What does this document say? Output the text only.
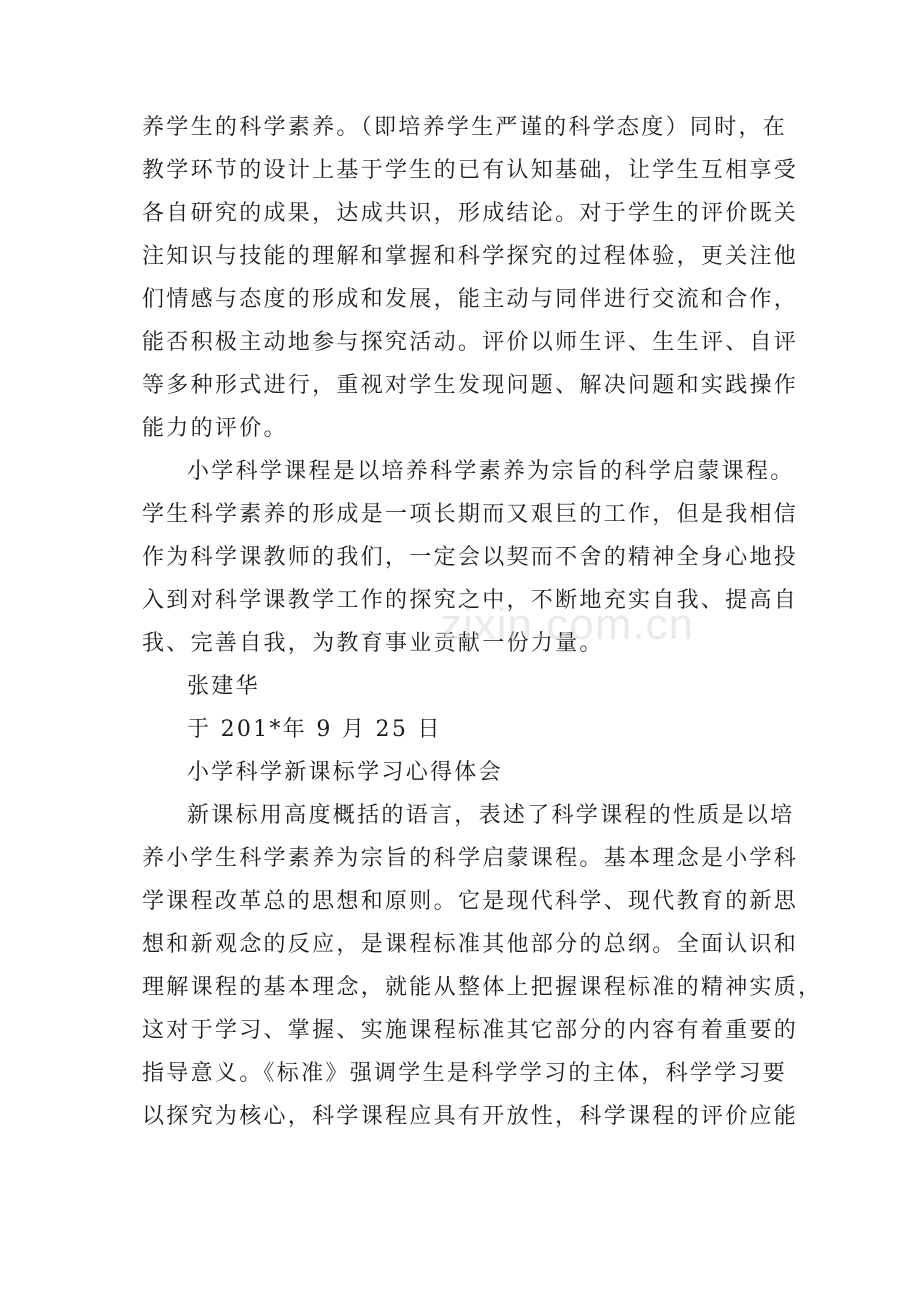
养学生的科学素养。（即培养学生严谨的科学态度）同时，在
教学环节的设计上基于学生的已有认知基础，让学生互相享受
各自研究的成果，达成共识，形成结论。对于学生的评价既关
注知识与技能的理解和掌握和科学探究的过程体验，更关注他
们情感与态度的形成和发展，能主动与同伴进行交流和合作，
能否积极主动地参与探究活动。评价以师生评、生生评、自评
等多种形式进行，重视对学生发现问题、解决问题和实践操作
能力的评价。
小学科学课程是以培养科学素养为宗旨的科学启蒙课程。
学生科学素养的形成是一项长期而又艰巨的工作，但是我相信
作为科学课教师的我们，一定会以契而不舍的精神全身心地投
入到对科学课教学工作的探究之中，不断地充实自我、提高自
我、完善自我，为教育事业贡献一份力量。
张建华
于 201*年 9 月 25 日
小学科学新课标学习心得体会
新课标用高度概括的语言，表述了科学课程的性质是以培
养小学生科学素养为宗旨的科学启蒙课程。基本理念是小学科
学课程改革总的思想和原则。它是现代科学、现代教育的新思
想和新观念的反应，是课程标准其他部分的总纲。全面认识和
理解课程的基本理念，就能从整体上把握课程标准的精神实质，
这对于学习、掌握、实施课程标准其它部分的内容有着重要的
指导意义。《标准》强调学生是科学学习的主体，科学学习要
以探究为核心，科学课程应具有开放性，科学课程的评价应能
zixin.com.cn
